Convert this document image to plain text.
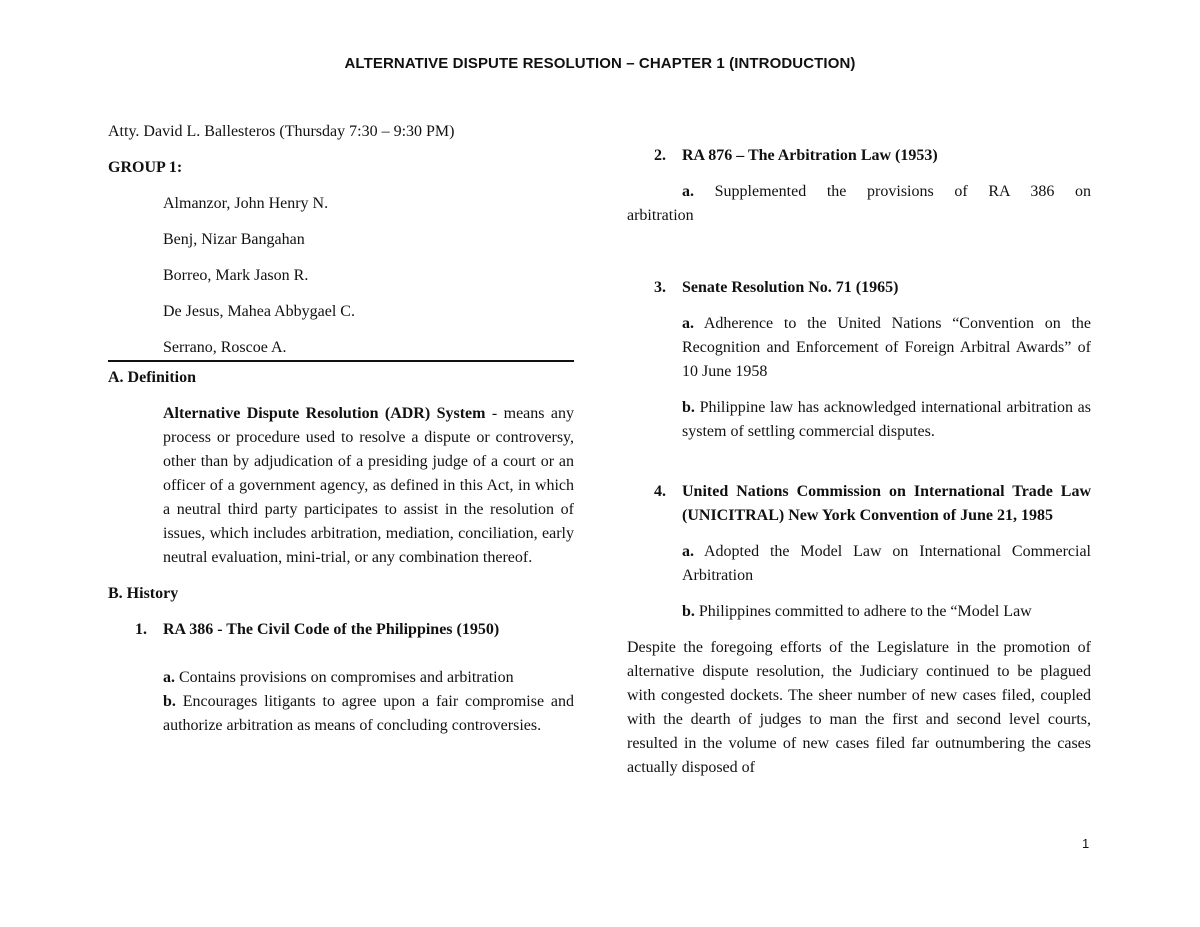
ALTERNATIVE DISPUTE RESOLUTION – CHAPTER 1 (INTRODUCTION)

Atty. David L. Ballesteros (Thursday 7:30 – 9:30 PM)

GROUP 1:

Almanzor, John Henry N.

Benj, Nizar Bangahan

Borreo, Mark Jason R.

De Jesus, Mahea Abbygael C.

Serrano, Roscoe A.

A. Definition

Alternative Dispute Resolution (ADR) System - means any process or procedure used to resolve a dispute or controversy, other than by adjudication of a presiding judge of a court or an officer of a government agency, as defined in this Act, in which a neutral third party participates to assist in the resolution of issues, which includes arbitration, mediation, conciliation, early neutral evaluation, mini-trial, or any combination thereof.

B. History

1. RA 386 - The Civil Code of the Philippines (1950)

a. Contains provisions on compromises and arbitration

b. Encourages litigants to agree upon a fair compromise and authorize arbitration as means of concluding controversies.

2. RA 876 – The Arbitration Law (1953)

a. Supplemented the provisions of RA 386 on

arbitration

3. Senate Resolution No. 71 (1965)

a. Adherence to the United Nations “Convention on the Recognition and Enforcement of Foreign Arbitral Awards” of 10 June 1958

b. Philippine law has acknowledged international arbitration as system of settling commercial disputes.

4. United Nations Commission on International Trade Law (UNICITRAL) New York Convention of June 21, 1985

a. Adopted the Model Law on International Commercial Arbitration

b. Philippines committed to adhere to the “Model Law

Despite the foregoing efforts of the Legislature in the promotion of alternative dispute resolution, the Judiciary continued to be plagued with congested dockets. The sheer number of new cases filed, coupled with the dearth of judges to man the first and second level courts, resulted in the volume of new cases filed far outnumbering the cases actually disposed of

1
